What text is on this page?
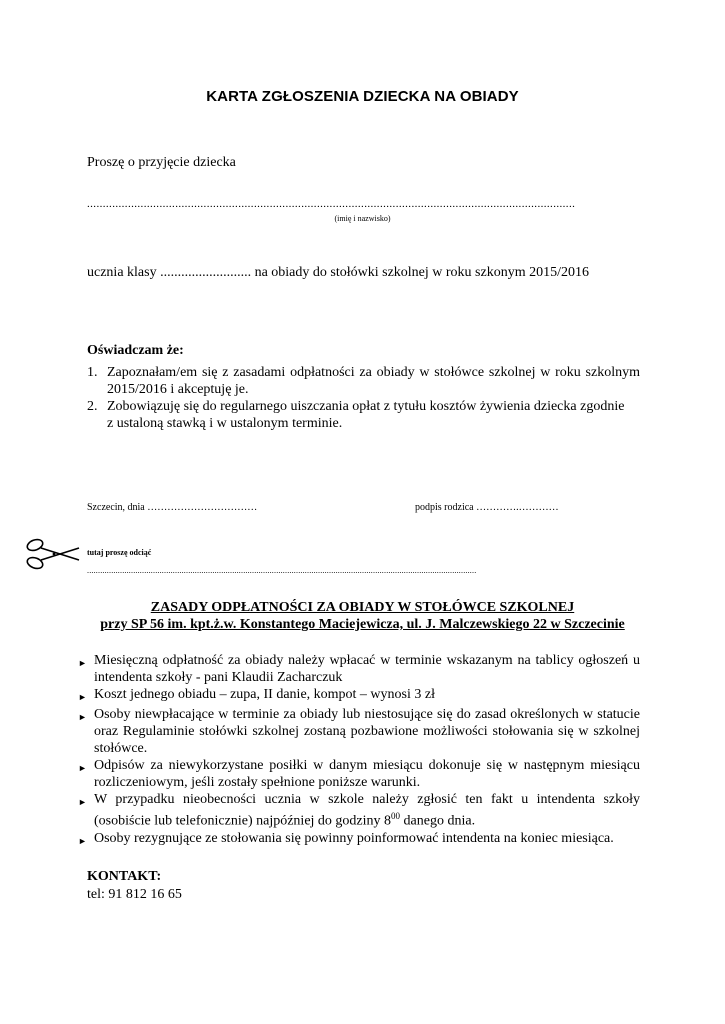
KARTA ZGŁOSZENIA DZIECKA NA OBIADY
Proszę o przyjęcie dziecka
...........................................................................................................................................................
(imię i nazwisko)
ucznia klasy .......................... na obiady do stołówki szkolnej w roku szkonym 2015/2016
Oświadczam że:
1. Zapoznałam/em się z zasadami odpłatności za obiady w stołówce szkolnej w roku szkolnym 2015/2016 i akceptuję je.
2. Zobowiązuję się do regularnego uiszczania opłat z tytułu kosztów żywienia dziecka zgodnie
z ustaloną stawką i w ustalonym terminie.
Szczecin, dnia ……………………………	podpis rodzica ………….…………
tutaj proszę odciąć
.................................................................................................................................................................................
ZASADY ODPŁATNOŚCI ZA OBIADY W STOŁÓWCE SZKOLNEJ
przy SP 56 im. kpt.ż.w. Konstantego Maciejewicza, ul. J. Malczewskiego 22 w Szczecinie
► Miesięczną odpłatność za obiady należy wpłacać w terminie wskazanym na tablicy ogłoszeń u intendenta szkoły - pani Klaudii Zacharczuk
► Koszt jednego obiadu – zupa, II danie, kompot – wynosi 3 zł
► Osoby niewpłacające w terminie za obiady lub niestosujące się do zasad określonych w statucie oraz Regulaminie stołówki szkolnej zostaną pozbawione możliwości stołowania się w szkolnej stołówce.
► Odpisów za niewykorzystane posiłki w danym miesiącu dokonuje się w następnym miesiącu rozliczeniowym, jeśli zostały spełnione poniższe warunki.
► W przypadku nieobecności ucznia w szkole należy zgłosić ten fakt u intendenta szkoły (osobiście lub telefonicznie) najpóźniej do godziny $8^{00}$ danego dnia.
► Osoby rezygnujące ze stołowania się powinny poinformować intendenta na koniec miesiąca.
KONTAKT:
tel: 91 812 16 65
